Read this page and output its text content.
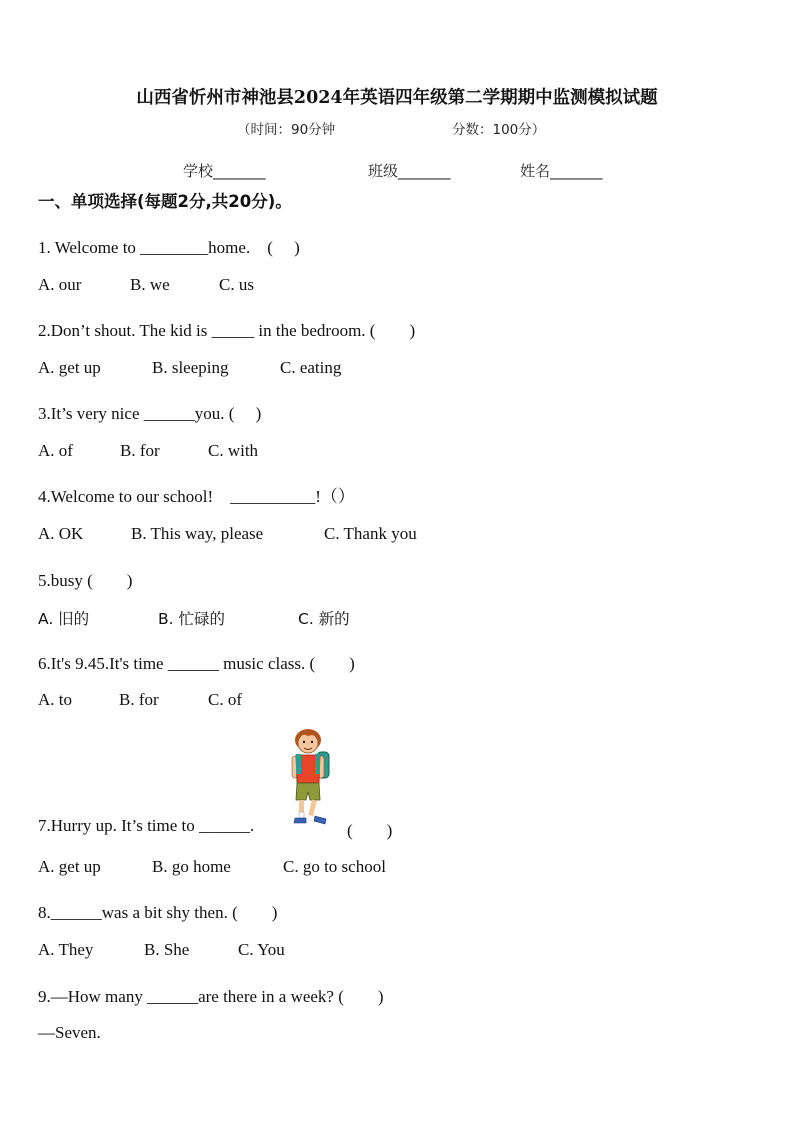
山西省忻州市神池县2024年英语四年级第二学期期中监测模拟试题
（时间：90分钟	分数：100分）
学校_______	班级_______	姓名_______
一、单项选择(每题2分,共20分)。
1. Welcome to ________home.　(　 )
A. our	B. we	C. us
2.Don’t shout. The kid is _____ in the bedroom. (　　)
A. get up	B. sleeping	C. eating
3.It’s very nice ______you. (　 )
A. of	B. for	C. with
4.Welcome to our school!　__________!（）
A. OK	B. This way, please	C. Thank you
5.busy (　　)
A. 旧的	B. 忙碌的	C. 新的
6.It's 9.45.It's time ______ music class. (　　)
A. to	B. for	C. of
7.Hurry up. It’s time to ______.	(　　)
A. get up	B. go home	C. go to school
8.______was a bit shy then. (　　)
A. They	B. She	C. You
9.—How many ______are there in a week? (　　)
—Seven.
